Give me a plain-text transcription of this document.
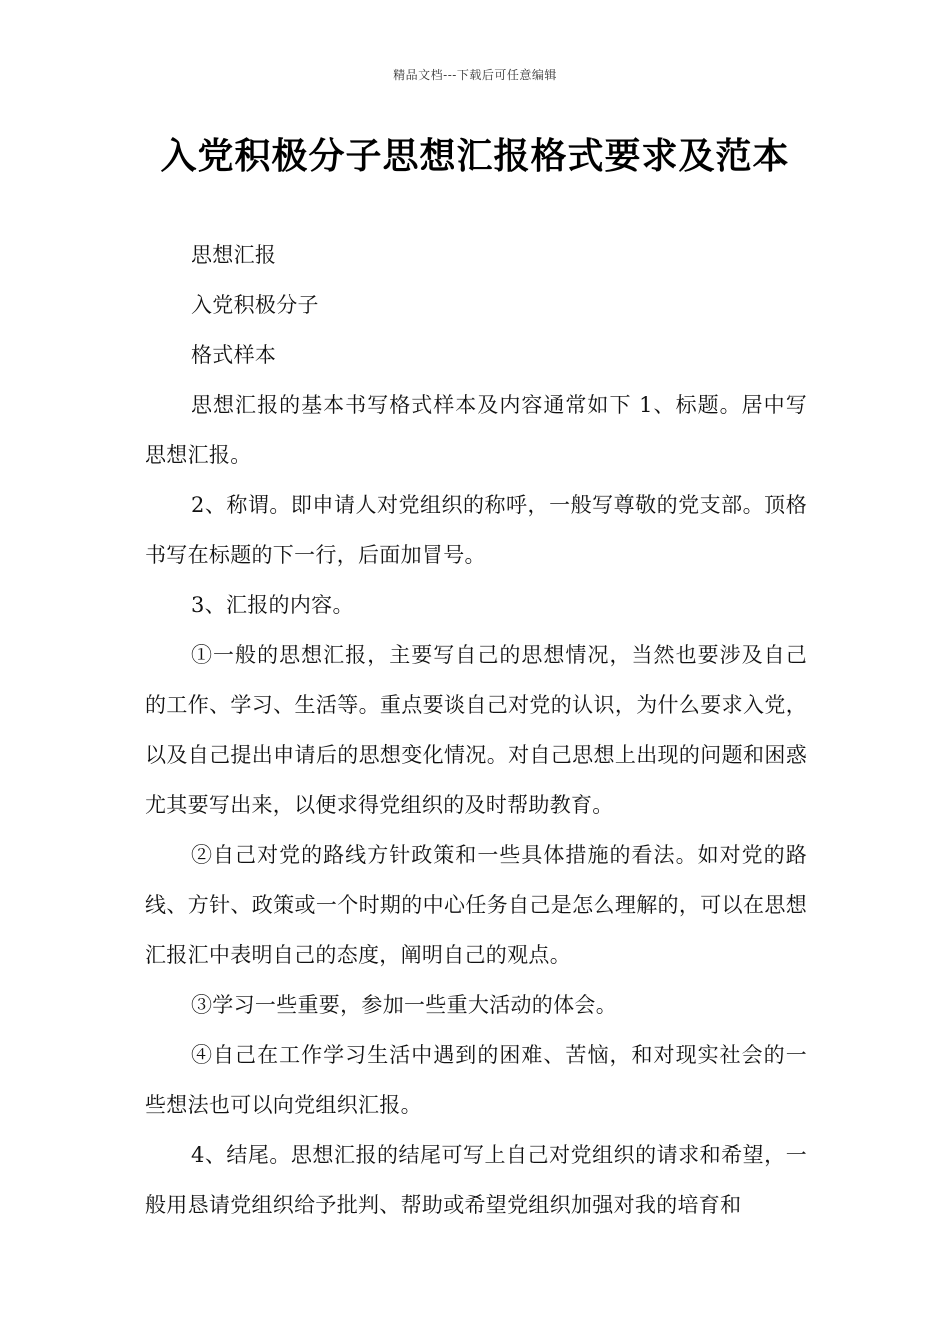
精品文档---下载后可任意编辑
入党积极分子思想汇报格式要求及范本

思想汇报

入党积极分子

格式样本

思想汇报的基本书写格式样本及内容通常如下 1、标题。居中写思想汇报。

2、称谓。即申请人对党组织的称呼，一般写尊敬的党支部。顶格书写在标题的下一行，后面加冒号。

3、汇报的内容。

①一般的思想汇报，主要写自己的思想情况，当然也要涉及自己的工作、学习、生活等。重点要谈自己对党的认识，为什么要求入党，以及自己提出申请后的思想变化情况。对自己思想上出现的问题和困惑尤其要写出来，以便求得党组织的及时帮助教育。

②自己对党的路线方针政策和一些具体措施的看法。如对党的路线、方针、政策或一个时期的中心任务自己是怎么理解的，可以在思想汇报汇中表明自己的态度，阐明自己的观点。

③学习一些重要，参加一些重大活动的体会。

④自己在工作学习生活中遇到的困难、苦恼，和对现实社会的一些想法也可以向党组织汇报。

4、结尾。思想汇报的结尾可写上自己对党组织的请求和希望，一般用恳请党组织给予批判、帮助或希望党组织加强对我的培育和
